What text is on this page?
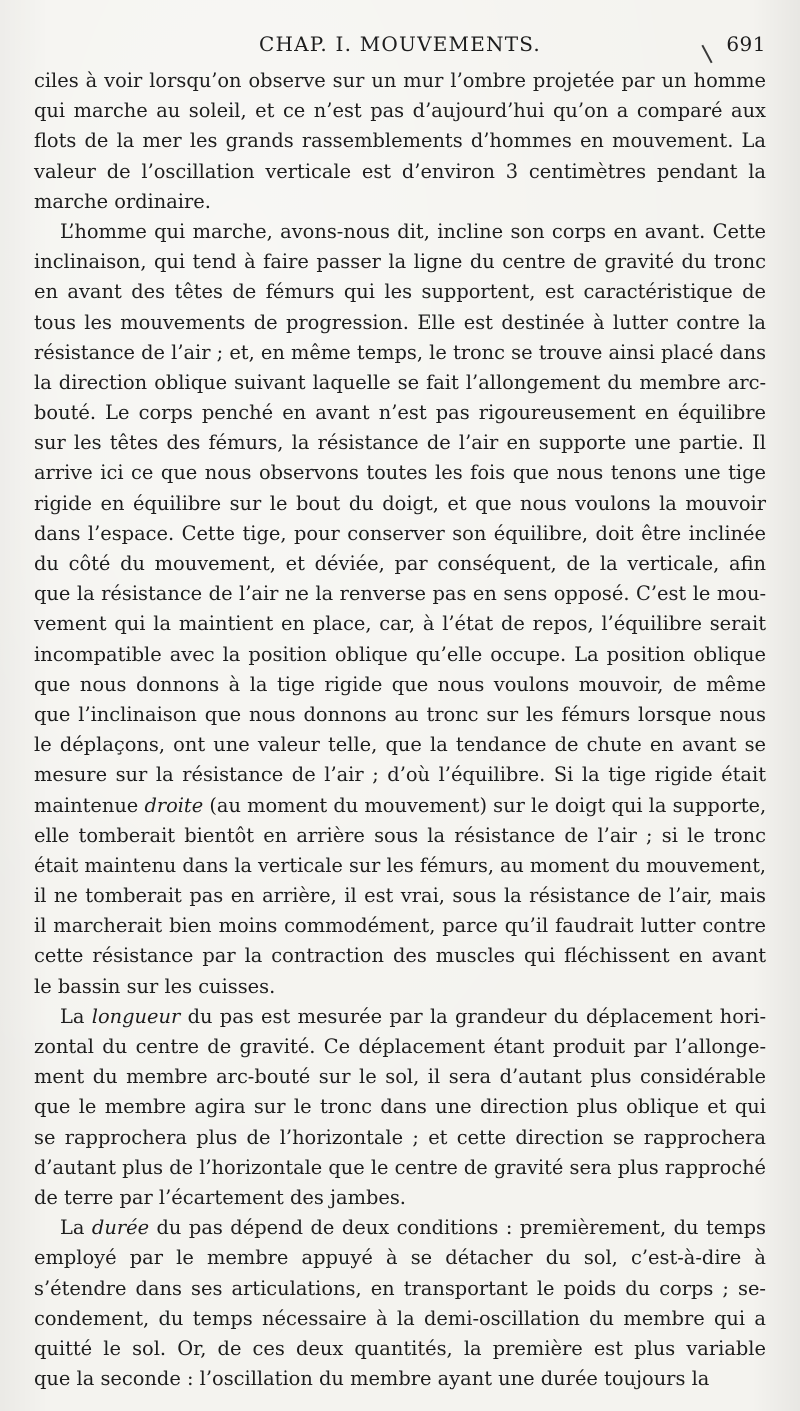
CHAP. I. MOUVEMENTS.	691
ciles à voir lorsqu’on observe sur un mur l’ombre projetée par un homme
qui marche au soleil, et ce n’est pas d’aujourd’hui qu’on a comparé aux
flots de la mer les grands rassemblements d’hommes en mouvement. La
valeur de l’oscillation verticale est d’environ 3 centimètres pendant la
marche ordinaire.
L’homme qui marche, avons-nous dit, incline son corps en avant. Cette
inclinaison, qui tend à faire passer la ligne du centre de gravité du tronc
en avant des têtes de fémurs qui les supportent, est caractéristique de
tous les mouvements de progression. Elle est destinée à lutter contre la
résistance de l’air ; et, en même temps, le tronc se trouve ainsi placé dans
la direction oblique suivant laquelle se fait l’allongement du membre arc-
bouté. Le corps penché en avant n’est pas rigoureusement en équilibre
sur les têtes des fémurs, la résistance de l’air en supporte une partie. Il
arrive ici ce que nous observons toutes les fois que nous tenons une tige
rigide en équilibre sur le bout du doigt, et que nous voulons la mouvoir
dans l’espace. Cette tige, pour conserver son équilibre, doit être inclinée
du côté du mouvement, et déviée, par conséquent, de la verticale, afin
que la résistance de l’air ne la renverse pas en sens opposé. C’est le mou-
vement qui la maintient en place, car, à l’état de repos, l’équilibre serait
incompatible avec la position oblique qu’elle occupe. La position oblique
que nous donnons à la tige rigide que nous voulons mouvoir, de même
que l’inclinaison que nous donnons au tronc sur les fémurs lorsque nous
le déplaçons, ont une valeur telle, que la tendance de chute en avant se
mesure sur la résistance de l’air ; d’où l’équilibre. Si la tige rigide était
maintenue droite (au moment du mouvement) sur le doigt qui la supporte,
elle tomberait bientôt en arrière sous la résistance de l’air ; si le tronc
était maintenu dans la verticale sur les fémurs, au moment du mouvement,
il ne tomberait pas en arrière, il est vrai, sous la résistance de l’air, mais
il marcherait bien moins commodément, parce qu’il faudrait lutter contre
cette résistance par la contraction des muscles qui fléchissent en avant
le bassin sur les cuisses.
La longueur du pas est mesurée par la grandeur du déplacement hori-
zontal du centre de gravité. Ce déplacement étant produit par l’allonge-
ment du membre arc-bouté sur le sol, il sera d’autant plus considérable
que le membre agira sur le tronc dans une direction plus oblique et qui
se rapprochera plus de l’horizontale ; et cette direction se rapprochera
d’autant plus de l’horizontale que le centre de gravité sera plus rapproché
de terre par l’écartement des jambes.
La durée du pas dépend de deux conditions : premièrement, du temps
employé par le membre appuyé à se détacher du sol, c’est-à-dire à
s’étendre dans ses articulations, en transportant le poids du corps ; se-
condement, du temps nécessaire à la demi-oscillation du membre qui a
quitté le sol. Or, de ces deux quantités, la première est plus variable
que la seconde : l’oscillation du membre ayant une durée toujours la
